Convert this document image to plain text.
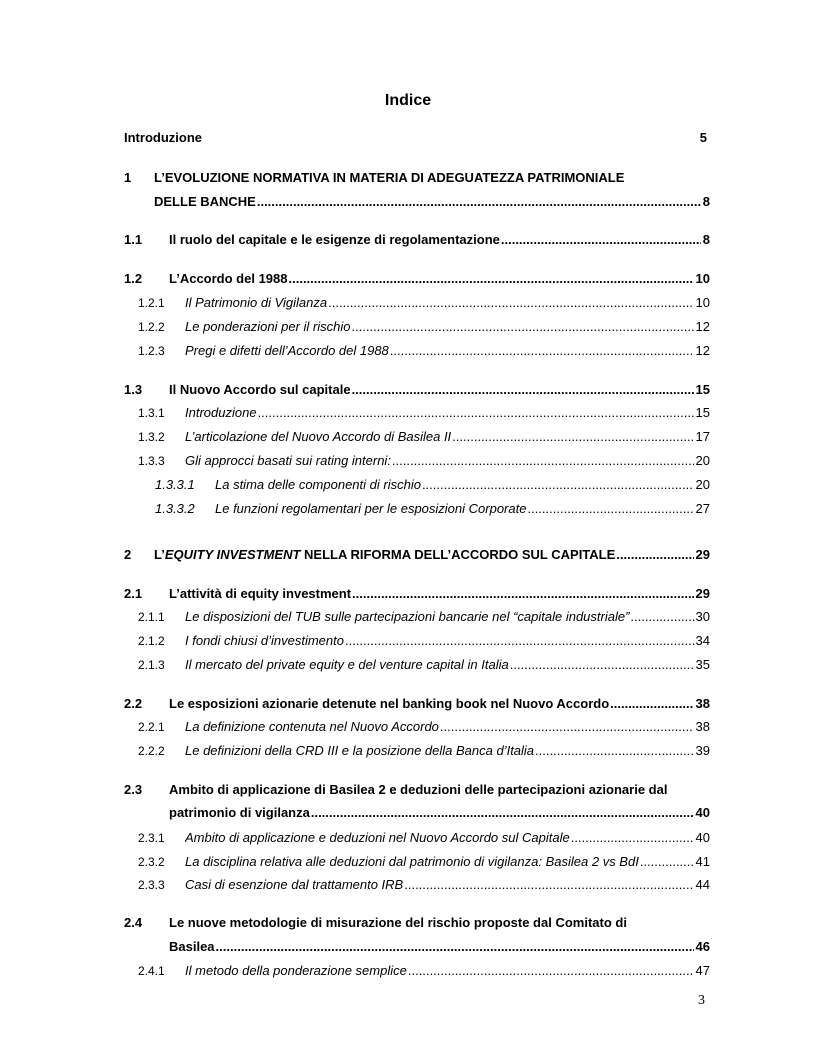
Indice
Introduzione	5
1 L’EVOLUZIONE NORMATIVA IN MATERIA DI ADEGUATEZZA PATRIMONIALE
DELLE BANCHE .....	8
1.1 Il ruolo del capitale e le esigenze di regolamentazione .....	8
1.2 L’Accordo del 1988 .....	10
1.2.1 Il Patrimonio di Vigilanza .....	10
1.2.2 Le ponderazioni per il rischio .....	12
1.2.3 Pregi e difetti dell’Accordo del 1988 .....	12
1.3 Il Nuovo Accordo sul capitale .....	15
1.3.1 Introduzione .....	15
1.3.2 L’articolazione del Nuovo Accordo di Basilea II .....	17
1.3.3 Gli approcci basati sui rating interni: .....	20
1.3.3.1 La stima delle componenti di rischio .....	20
1.3.3.2 Le funzioni regolamentari per le esposizioni Corporate .....	27
2 L’EQUITY INVESTMENT NELLA RIFORMA DELL’ACCORDO SUL CAPITALE .....	29
2.1 L’attività di equity investment .....	29
2.1.1 Le disposizioni del TUB sulle partecipazioni bancarie nel “capitale industriale” .....	30
2.1.2 I fondi chiusi d’investimento .....	34
2.1.3 Il mercato del private equity e del venture capital in Italia .....	35
2.2 Le esposizioni azionarie detenute nel banking book nel Nuovo Accordo .....	38
2.2.1 La definizione contenuta nel Nuovo Accordo .....	38
2.2.2 Le definizioni della CRD III e la posizione della Banca d’Italia .....	39
2.3 Ambito di applicazione di Basilea 2 e deduzioni delle partecipazioni azionarie dal
patrimonio di vigilanza .....	40
2.3.1 Ambito di applicazione e deduzioni nel Nuovo Accordo sul Capitale .....	40
2.3.2 La disciplina relativa alle deduzioni dal patrimonio di vigilanza: Basilea 2 vs BdI .....	41
2.3.3 Casi di esenzione dal trattamento IRB .....	44
2.4 Le nuove metodologie di misurazione del rischio proposte dal Comitato di
Basilea .....	46
2.4.1 Il metodo della ponderazione semplice .....	47
3
